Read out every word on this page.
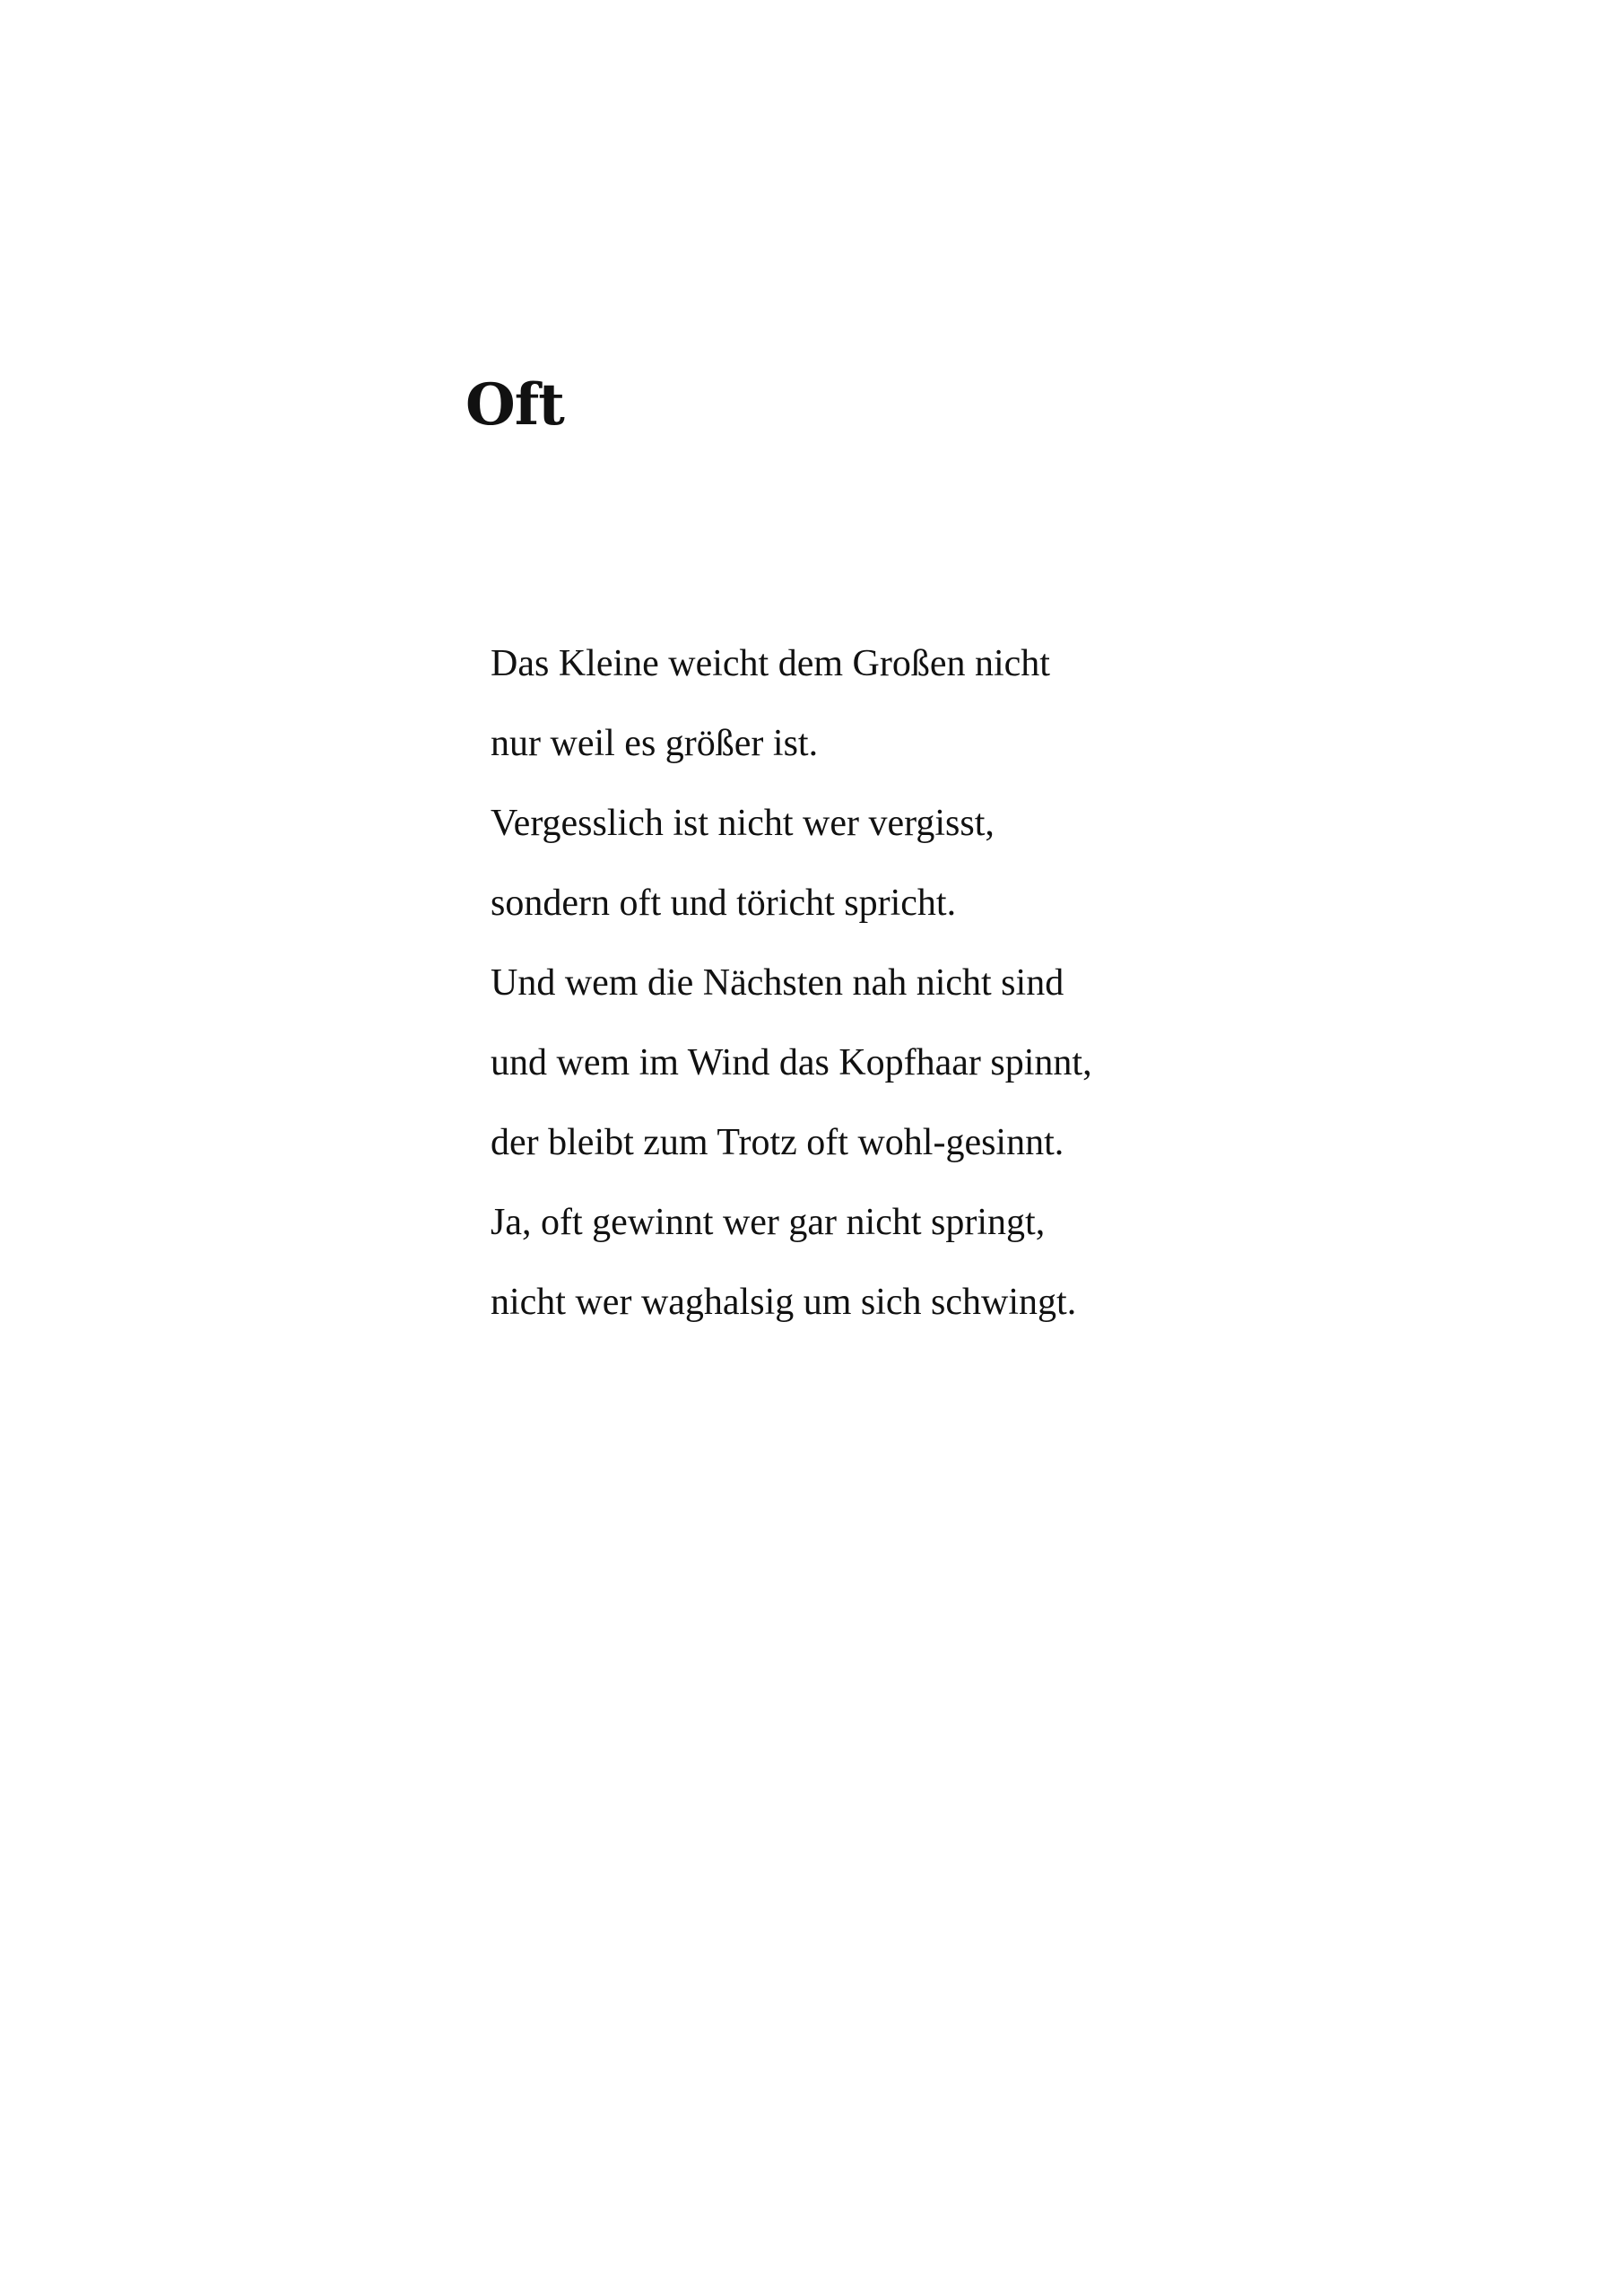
Oft
Das Kleine weicht dem Großen nicht
nur weil es größer ist.
Vergesslich ist nicht wer vergisst,
sondern oft und töricht spricht.
Und wem die Nächsten nah nicht sind
und wem im Wind das Kopfhaar spinnt,
der bleibt zum Trotz oft wohl-gesinnt.
Ja, oft gewinnt wer gar nicht springt,
nicht wer waghalsig um sich schwingt.
